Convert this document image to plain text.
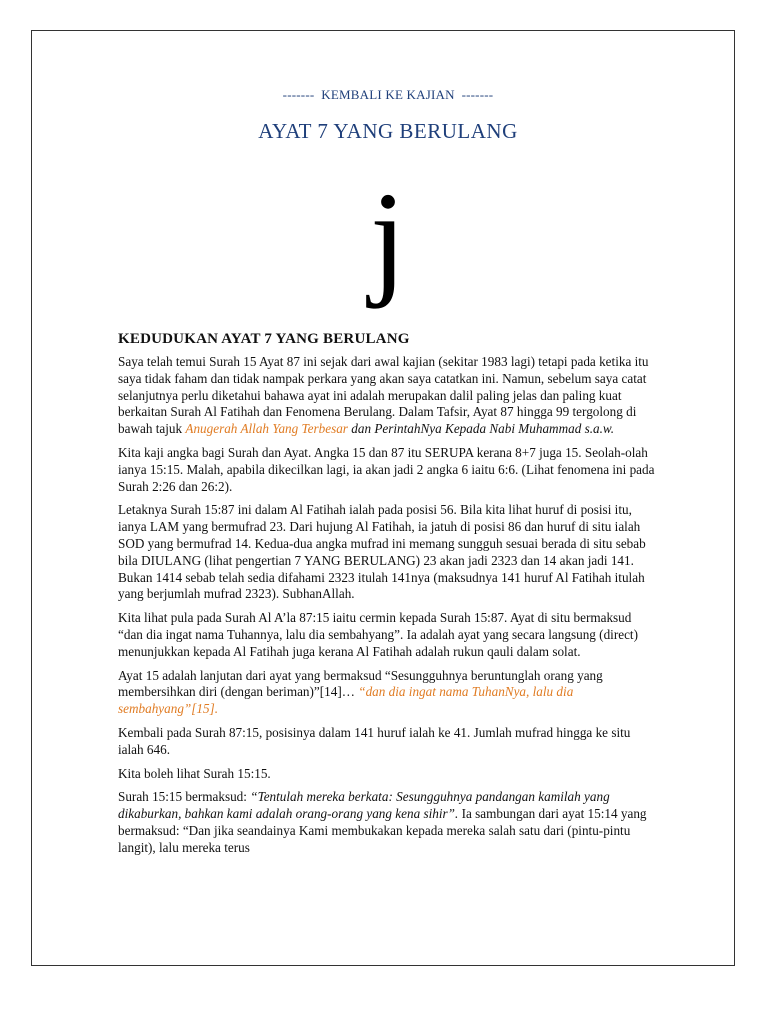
------- KEMBALI KE KAJIAN -------
AYAT 7 YANG BERULANG
j
KEDUDUKAN AYAT 7 YANG BERULANG

Saya telah temui Surah 15 Ayat 87 ini sejak dari awal kajian (sekitar 1983 lagi) tetapi pada ketika itu saya tidak faham dan tidak nampak perkara yang akan saya catatkan ini. Namun, sebelum saya catat selanjutnya perlu diketahui bahawa ayat ini adalah merupakan dalil paling jelas dan paling kuat berkaitan Surah Al Fatihah dan Fenomena Berulang. Dalam Tafsir, Ayat 87 hingga 99 tergolong di bawah tajuk Anugerah Allah Yang Terbesar dan PerintahNya Kepada Nabi Muhammad s.a.w.

Kita kaji angka bagi Surah dan Ayat. Angka 15 dan 87 itu SERUPA kerana 8+7 juga 15. Seolah-olah ianya 15:15. Malah, apabila dikecilkan lagi, ia akan jadi 2 angka 6 iaitu 6:6. (Lihat fenomena ini pada Surah 2:26 dan 26:2).

Letaknya Surah 15:87 ini dalam Al Fatihah ialah pada posisi 56. Bila kita lihat huruf di posisi itu, ianya LAM yang bermufrad 23. Dari hujung Al Fatihah, ia jatuh di posisi 86 dan huruf di situ ialah SOD yang bermufrad 14. Kedua-dua angka mufrad ini memang sungguh sesuai berada di situ sebab bila DIULANG (lihat pengertian 7 YANG BERULANG) 23 akan jadi 2323 dan 14 akan jadi 141. Bukan 1414 sebab telah sedia difahami 2323 itulah 141nya (maksudnya 141 huruf Al Fatihah itulah yang berjumlah mufrad 2323). SubhanAllah.

Kita lihat pula pada Surah Al A’la 87:15 iaitu cermin kepada Surah 15:87. Ayat di situ bermaksud “dan dia ingat nama Tuhannya, lalu dia sembahyang”. Ia adalah ayat yang secara langsung (direct) menunjukkan kepada Al Fatihah juga kerana Al Fatihah adalah rukun qauli dalam solat.

Ayat 15 adalah lanjutan dari ayat yang bermaksud “Sesungguhnya beruntunglah orang yang membersihkan diri (dengan beriman)”[14]… “dan dia ingat nama TuhanNya, lalu dia sembahyang”[15].

Kembali pada Surah 87:15, posisinya dalam 141 huruf ialah ke 41. Jumlah mufrad hingga ke situ ialah 646.

Kita boleh lihat Surah 15:15.

Surah 15:15 bermaksud: “Tentulah mereka berkata: Sesungguhnya pandangan kamilah yang dikaburkan, bahkan kami adalah orang-orang yang kena sihir”. Ia sambungan dari ayat 15:14 yang bermaksud: “Dan jika seandainya Kami membukakan kepada mereka salah satu dari (pintu-pintu langit), lalu mereka terus
